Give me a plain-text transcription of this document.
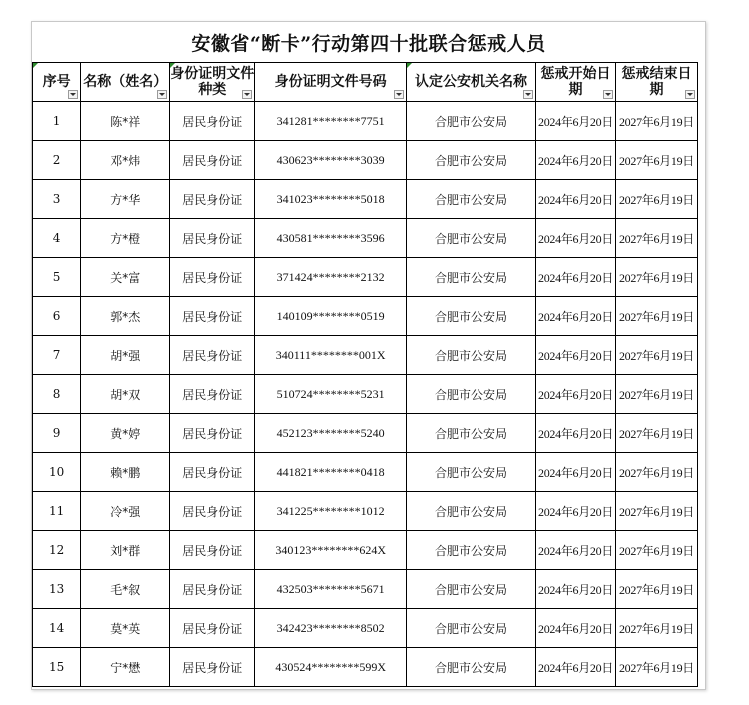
安徽省“断卡”行动第四十批联合惩戒人员
序号	名称（姓名）	身份证明文件种类	身份证明文件号码	认定公安机关名称	惩戒开始日期	惩戒结束日期

1	陈*祥	居民身份证	341281********7751	合肥市公安局	2024年6月20日	2027年6月19日
2	邓*炜	居民身份证	430623********3039	合肥市公安局	2024年6月20日	2027年6月19日
3	方*华	居民身份证	341023********5018	合肥市公安局	2024年6月20日	2027年6月19日
4	方*橙	居民身份证	430581********3596	合肥市公安局	2024年6月20日	2027年6月19日
5	关*富	居民身份证	371424********2132	合肥市公安局	2024年6月20日	2027年6月19日
6	郭*杰	居民身份证	140109********0519	合肥市公安局	2024年6月20日	2027年6月19日
7	胡*强	居民身份证	340111********001X	合肥市公安局	2024年6月20日	2027年6月19日
8	胡*双	居民身份证	510724********5231	合肥市公安局	2024年6月20日	2027年6月19日
9	黄*婷	居民身份证	452123********5240	合肥市公安局	2024年6月20日	2027年6月19日
10	赖*鹏	居民身份证	441821********0418	合肥市公安局	2024年6月20日	2027年6月19日
11	冷*强	居民身份证	341225********1012	合肥市公安局	2024年6月20日	2027年6月19日
12	刘*群	居民身份证	340123********624X	合肥市公安局	2024年6月20日	2027年6月19日
13	毛*叙	居民身份证	432503********5671	合肥市公安局	2024年6月20日	2027年6月19日
14	莫*英	居民身份证	342423********8502	合肥市公安局	2024年6月20日	2027年6月19日
15	宁*懋	居民身份证	430524********599X	合肥市公安局	2024年6月20日	2027年6月19日
